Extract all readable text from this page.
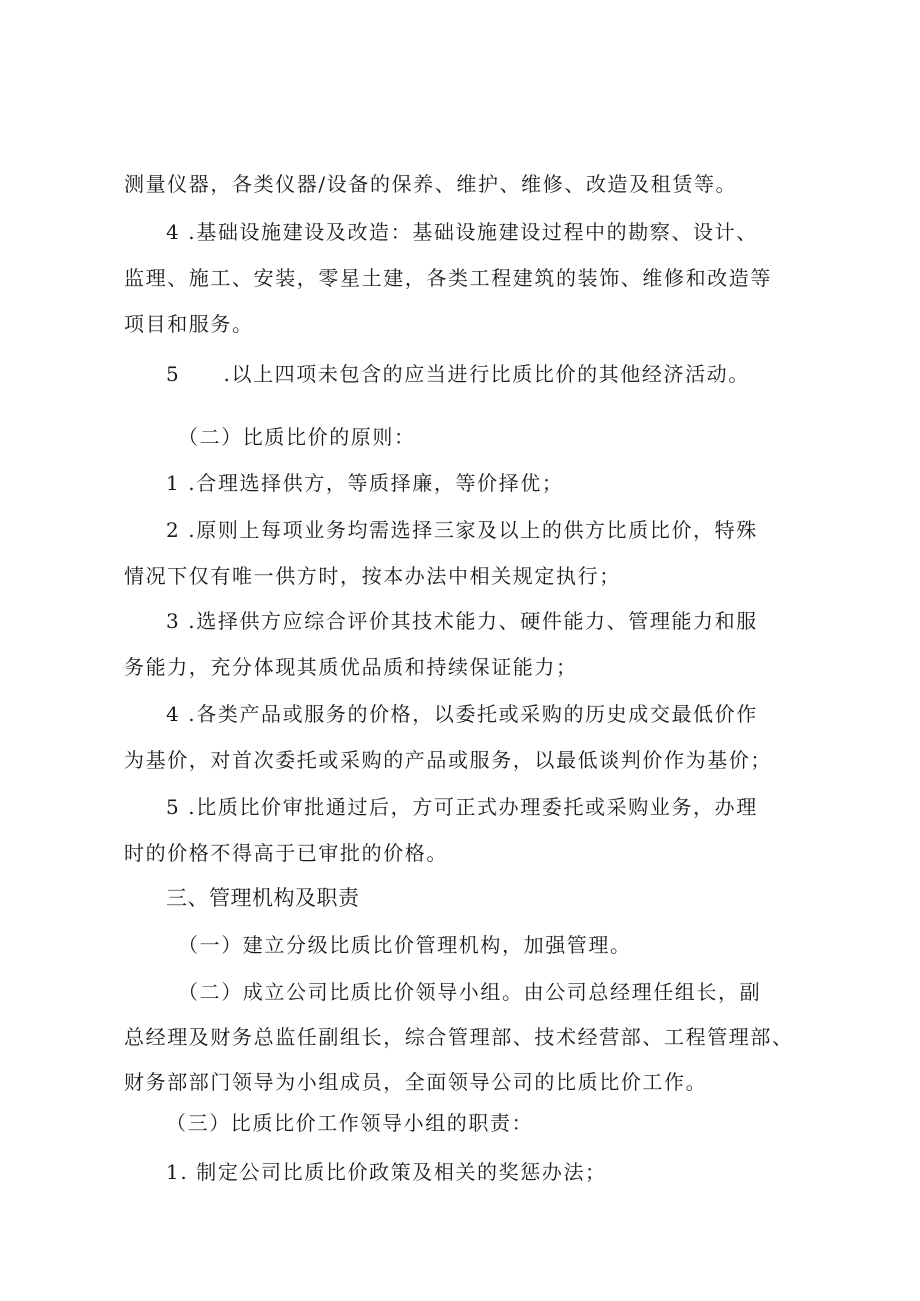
测量仪器，各类仪器/设备的保养、维护、维修、改造及租赁等。
4 .基础设施建设及改造：基础设施建设过程中的勘察、设计、
监理、施工、安装，零星土建，各类工程建筑的装饰、维修和改造等
项目和服务。
5　　.以上四项未包含的应当进行比质比价的其他经济活动。
（二）比质比价的原则：
1 .合理选择供方，等质择廉，等价择优；
2 .原则上每项业务均需选择三家及以上的供方比质比价，特殊
情况下仅有唯一供方时，按本办法中相关规定执行；
3 .选择供方应综合评价其技术能力、硬件能力、管理能力和服
务能力，充分体现其质优品质和持续保证能力；
4 .各类产品或服务的价格，以委托或采购的历史成交最低价作
为基价，对首次委托或采购的产品或服务，以最低谈判价作为基价；
5 .比质比价审批通过后，方可正式办理委托或采购业务，办理
时的价格不得高于已审批的价格。
三、管理机构及职责
（一）建立分级比质比价管理机构，加强管理。
（二）成立公司比质比价领导小组。由公司总经理任组长，副
总经理及财务总监任副组长，综合管理部、技术经营部、工程管理部、
财务部部门领导为小组成员，全面领导公司的比质比价工作。
（三）比质比价工作领导小组的职责：
1. 制定公司比质比价政策及相关的奖惩办法；
